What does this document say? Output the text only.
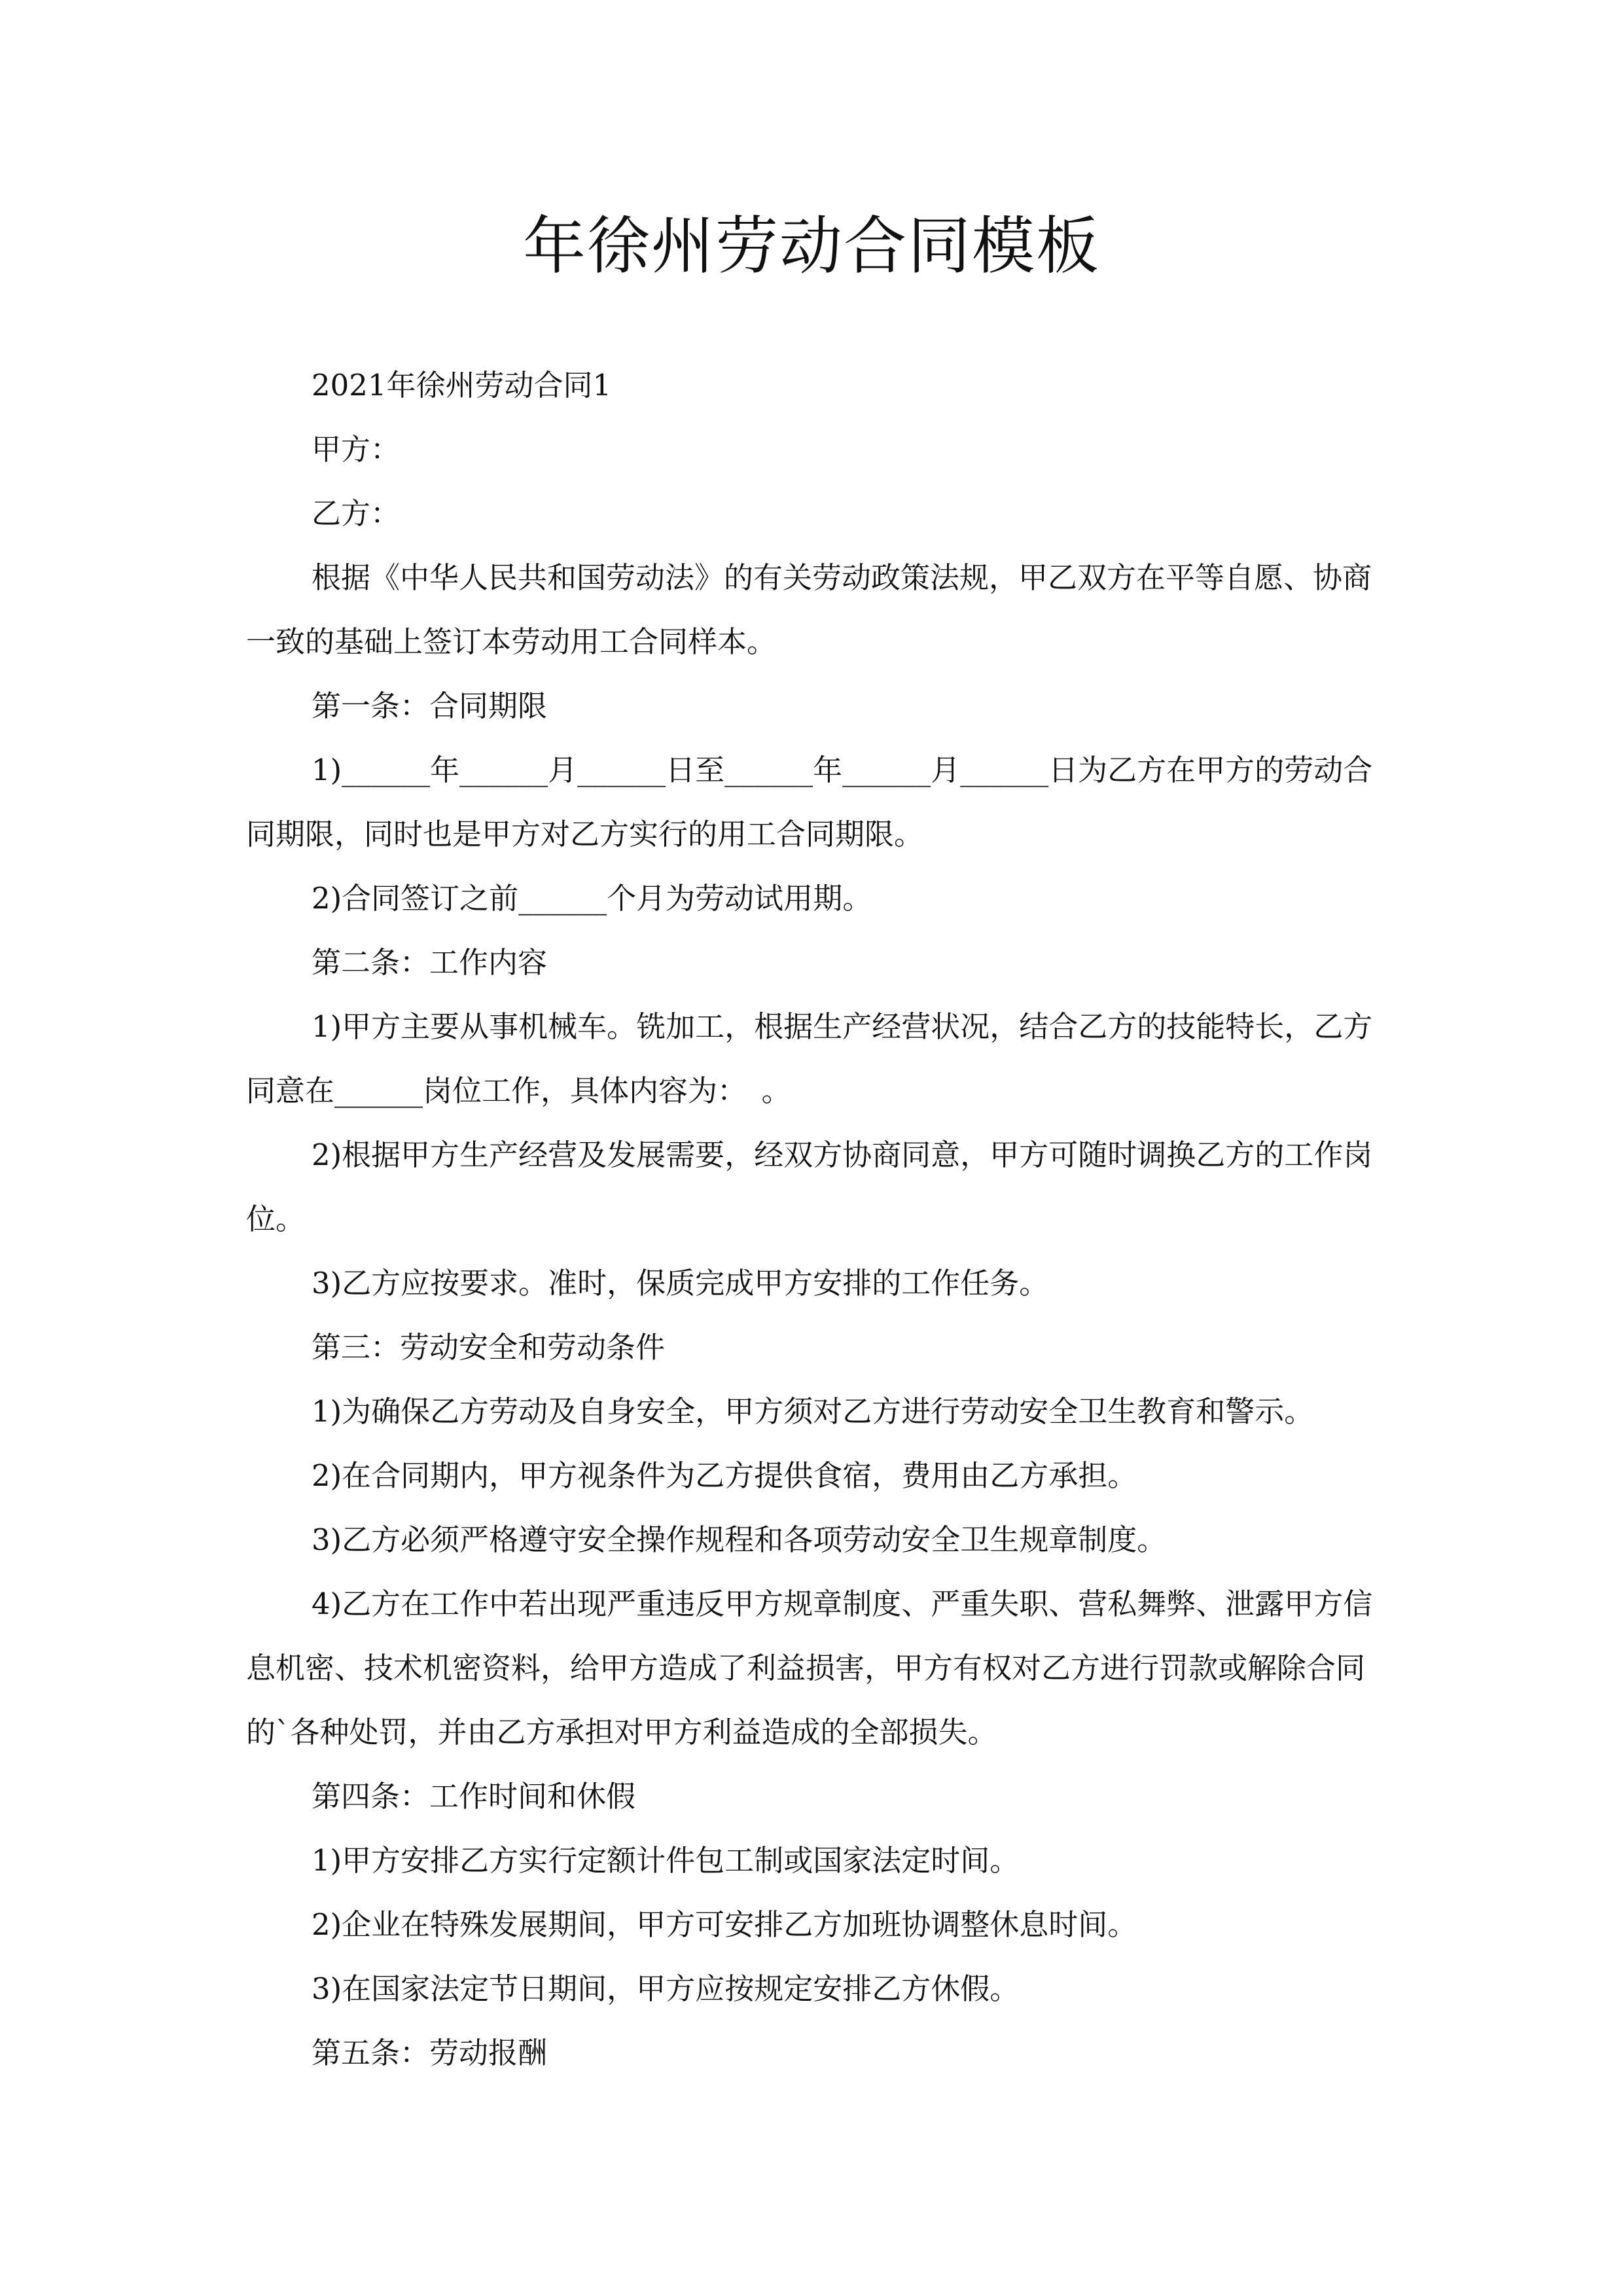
年徐州劳动合同模板

2021年徐州劳动合同1

甲方：

乙方：

根据《中华人民共和国劳动法》的有关劳动政策法规，甲乙双方在平等自愿、协商一致的基础上签订本劳动用工合同样本。

第一条：合同期限

1)______年______月______日至______年______月______日为乙方在甲方的劳动合同期限，同时也是甲方对乙方实行的用工合同期限。

2)合同签订之前______个月为劳动试用期。

第二条：工作内容

1)甲方主要从事机械车。铣加工，根据生产经营状况，结合乙方的技能特长，乙方同意在______岗位工作，具体内容为：　。

2)根据甲方生产经营及发展需要，经双方协商同意，甲方可随时调换乙方的工作岗位。

3)乙方应按要求。准时，保质完成甲方安排的工作任务。

第三：劳动安全和劳动条件

1)为确保乙方劳动及自身安全，甲方须对乙方进行劳动安全卫生教育和警示。

2)在合同期内，甲方视条件为乙方提供食宿，费用由乙方承担。

3)乙方必须严格遵守安全操作规程和各项劳动安全卫生规章制度。

4)乙方在工作中若出现严重违反甲方规章制度、严重失职、营私舞弊、泄露甲方信息机密、技术机密资料，给甲方造成了利益损害，甲方有权对乙方进行罚款或解除合同的`各种处罚，并由乙方承担对甲方利益造成的全部损失。

第四条：工作时间和休假

1)甲方安排乙方实行定额计件包工制或国家法定时间。

2)企业在特殊发展期间，甲方可安排乙方加班协调整休息时间。

3)在国家法定节日期间，甲方应按规定安排乙方休假。

第五条：劳动报酬
